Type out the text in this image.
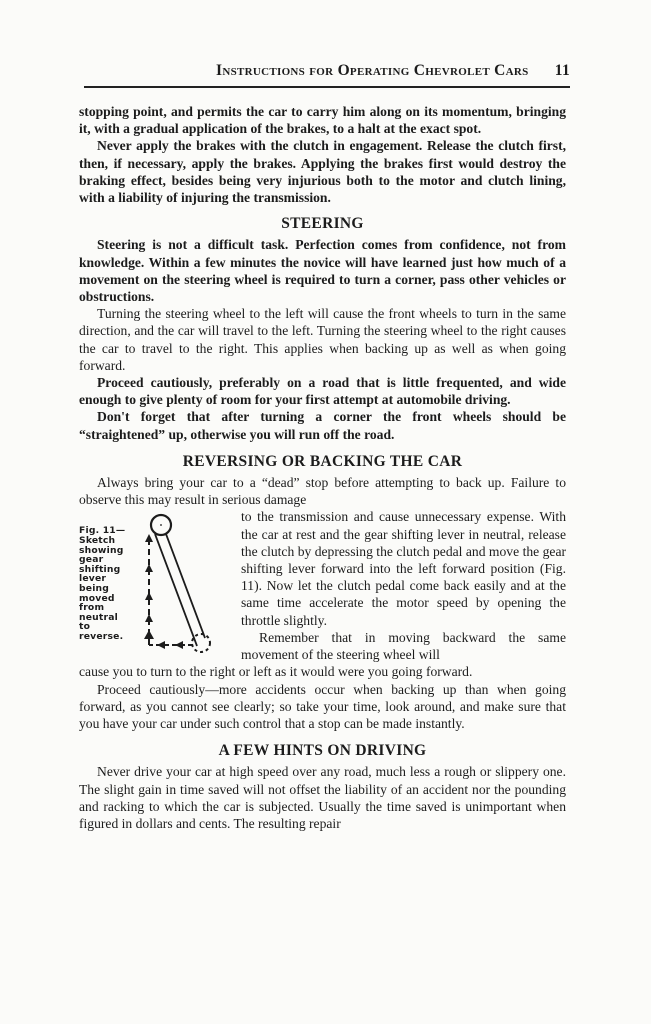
Instructions for Operating Chevrolet Cars 11

stopping point, and permits the car to carry him along on its momentum, bringing it, with a gradual application of the brakes, to a halt at the exact spot.

Never apply the brakes with the clutch in engagement. Release the clutch first, then, if necessary, apply the brakes. Applying the brakes first would destroy the braking effect, besides being very injurious both to the motor and clutch lining, with a liability of injuring the transmission.

STEERING

Steering is not a difficult task. Perfection comes from confidence, not from knowledge. Within a few minutes the novice will have learned just how much of a movement on the steering wheel is required to turn a corner, pass other vehicles or obstructions.

Turning the steering wheel to the left will cause the front wheels to turn in the same direction, and the car will travel to the left. Turning the steering wheel to the right causes the car to travel to the right. This applies when backing up as well as when going forward.

Proceed cautiously, preferably on a road that is little frequented, and wide enough to give plenty of room for your first attempt at automobile driving.

Don't forget that after turning a corner the front wheels should be “straightened” up, otherwise you will run off the road.

REVERSING OR BACKING THE CAR

Always bring your car to a “dead” stop before attempting to back up. Failure to observe this may result in serious damage

Fig. 11—
Sketch
showing
gear
shifting
lever
being
moved
from
neutral
to
reverse.

to the transmission and cause unnecessary expense. With the car at rest and the gear shifting lever in neutral, release the clutch by depressing the clutch pedal and move the gear shifting lever forward into the left forward position (Fig. 11). Now let the clutch pedal come back easily and at the same time accelerate the motor speed by opening the throttle slightly.

Remember that in moving backward the same movement of the steering wheel will

cause you to turn to the right or left as it would were you going forward.

Proceed cautiously—more accidents occur when backing up than when going forward, as you cannot see clearly; so take your time, look around, and make sure that you have your car under such control that a stop can be made instantly.

A FEW HINTS ON DRIVING

Never drive your car at high speed over any road, much less a rough or slippery one. The slight gain in time saved will not offset the liability of an accident nor the pounding and racking to which the car is subjected. Usually the time saved is unimportant when figured in dollars and cents. The resulting repair
